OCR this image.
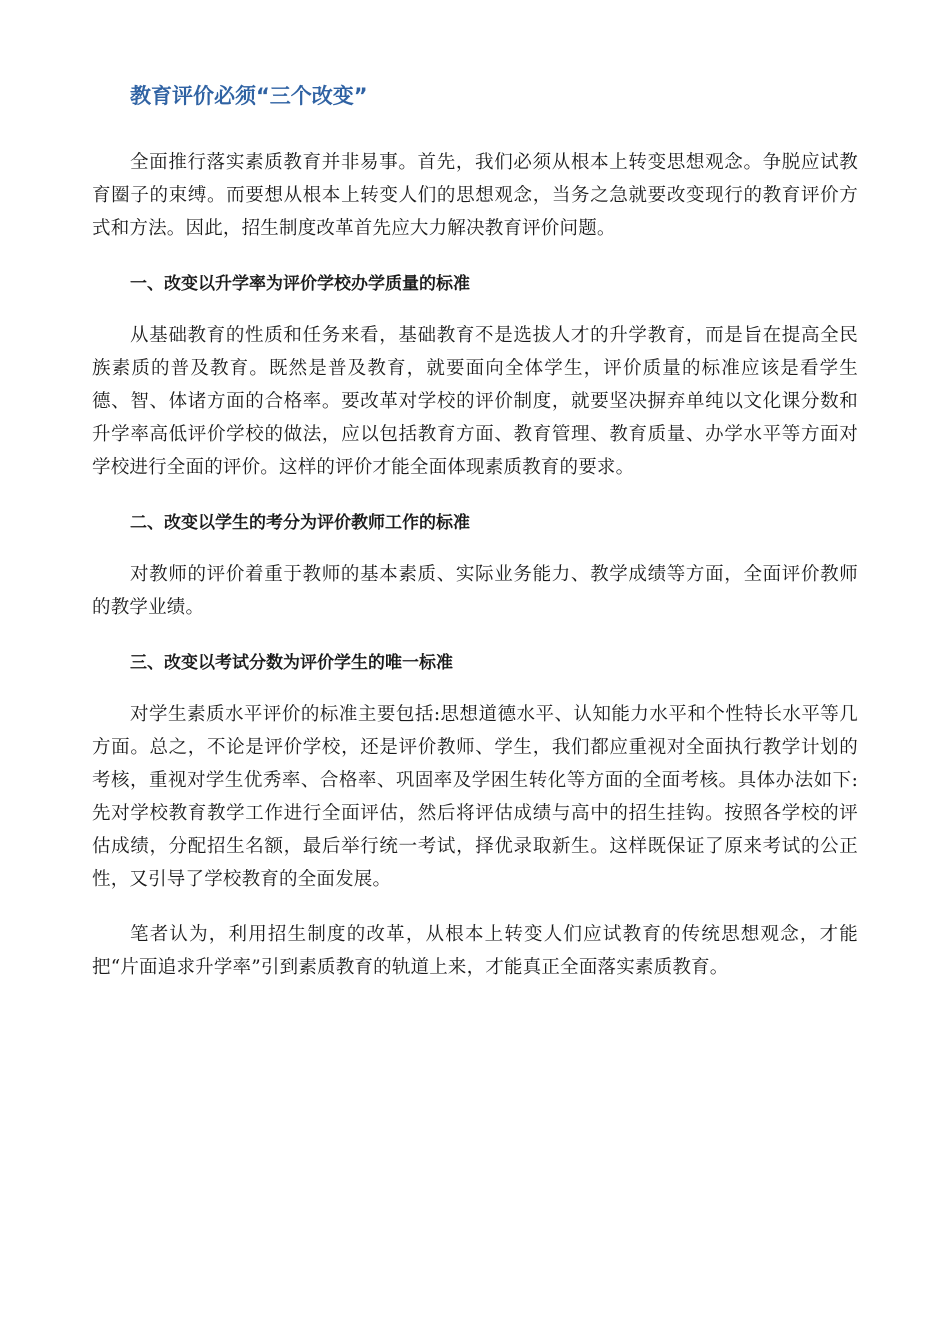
教育评价必须“三个改变”

全面推行落实素质教育并非易事。首先，我们必须从根本上转变思想观念。争脱应试教育圈子的束缚。而要想从根本上转变人们的思想观念，当务之急就要改变现行的教育评价方式和方法。因此，招生制度改革首先应大力解决教育评价问题。

一、改变以升学率为评价学校办学质量的标准

从基础教育的性质和任务来看，基础教育不是选拔人才的升学教育，而是旨在提高全民族素质的普及教育。既然是普及教育，就要面向全体学生，评价质量的标准应该是看学生德、智、体诸方面的合格率。要改革对学校的评价制度，就要坚决摒弃单纯以文化课分数和升学率高低评价学校的做法，应以包括教育方面、教育管理、教育质量、办学水平等方面对学校进行全面的评价。这样的评价才能全面体现素质教育的要求。

二、改变以学生的考分为评价教师工作的标准

对教师的评价着重于教师的基本素质、实际业务能力、教学成绩等方面，全面评价教师的教学业绩。

三、改变以考试分数为评价学生的唯一标准

对学生素质水平评价的标准主要包括:思想道德水平、认知能力水平和个性特长水平等几方面。总之，不论是评价学校，还是评价教师、学生，我们都应重视对全面执行教学计划的考核，重视对学生优秀率、合格率、巩固率及学困生转化等方面的全面考核。具体办法如下:先对学校教育教学工作进行全面评估，然后将评估成绩与高中的招生挂钩。按照各学校的评估成绩，分配招生名额，最后举行统一考试，择优录取新生。这样既保证了原来考试的公正性，又引导了学校教育的全面发展。

笔者认为，利用招生制度的改革，从根本上转变人们应试教育的传统思想观念，才能把“片面追求升学率”引到素质教育的轨道上来，才能真正全面落实素质教育。
